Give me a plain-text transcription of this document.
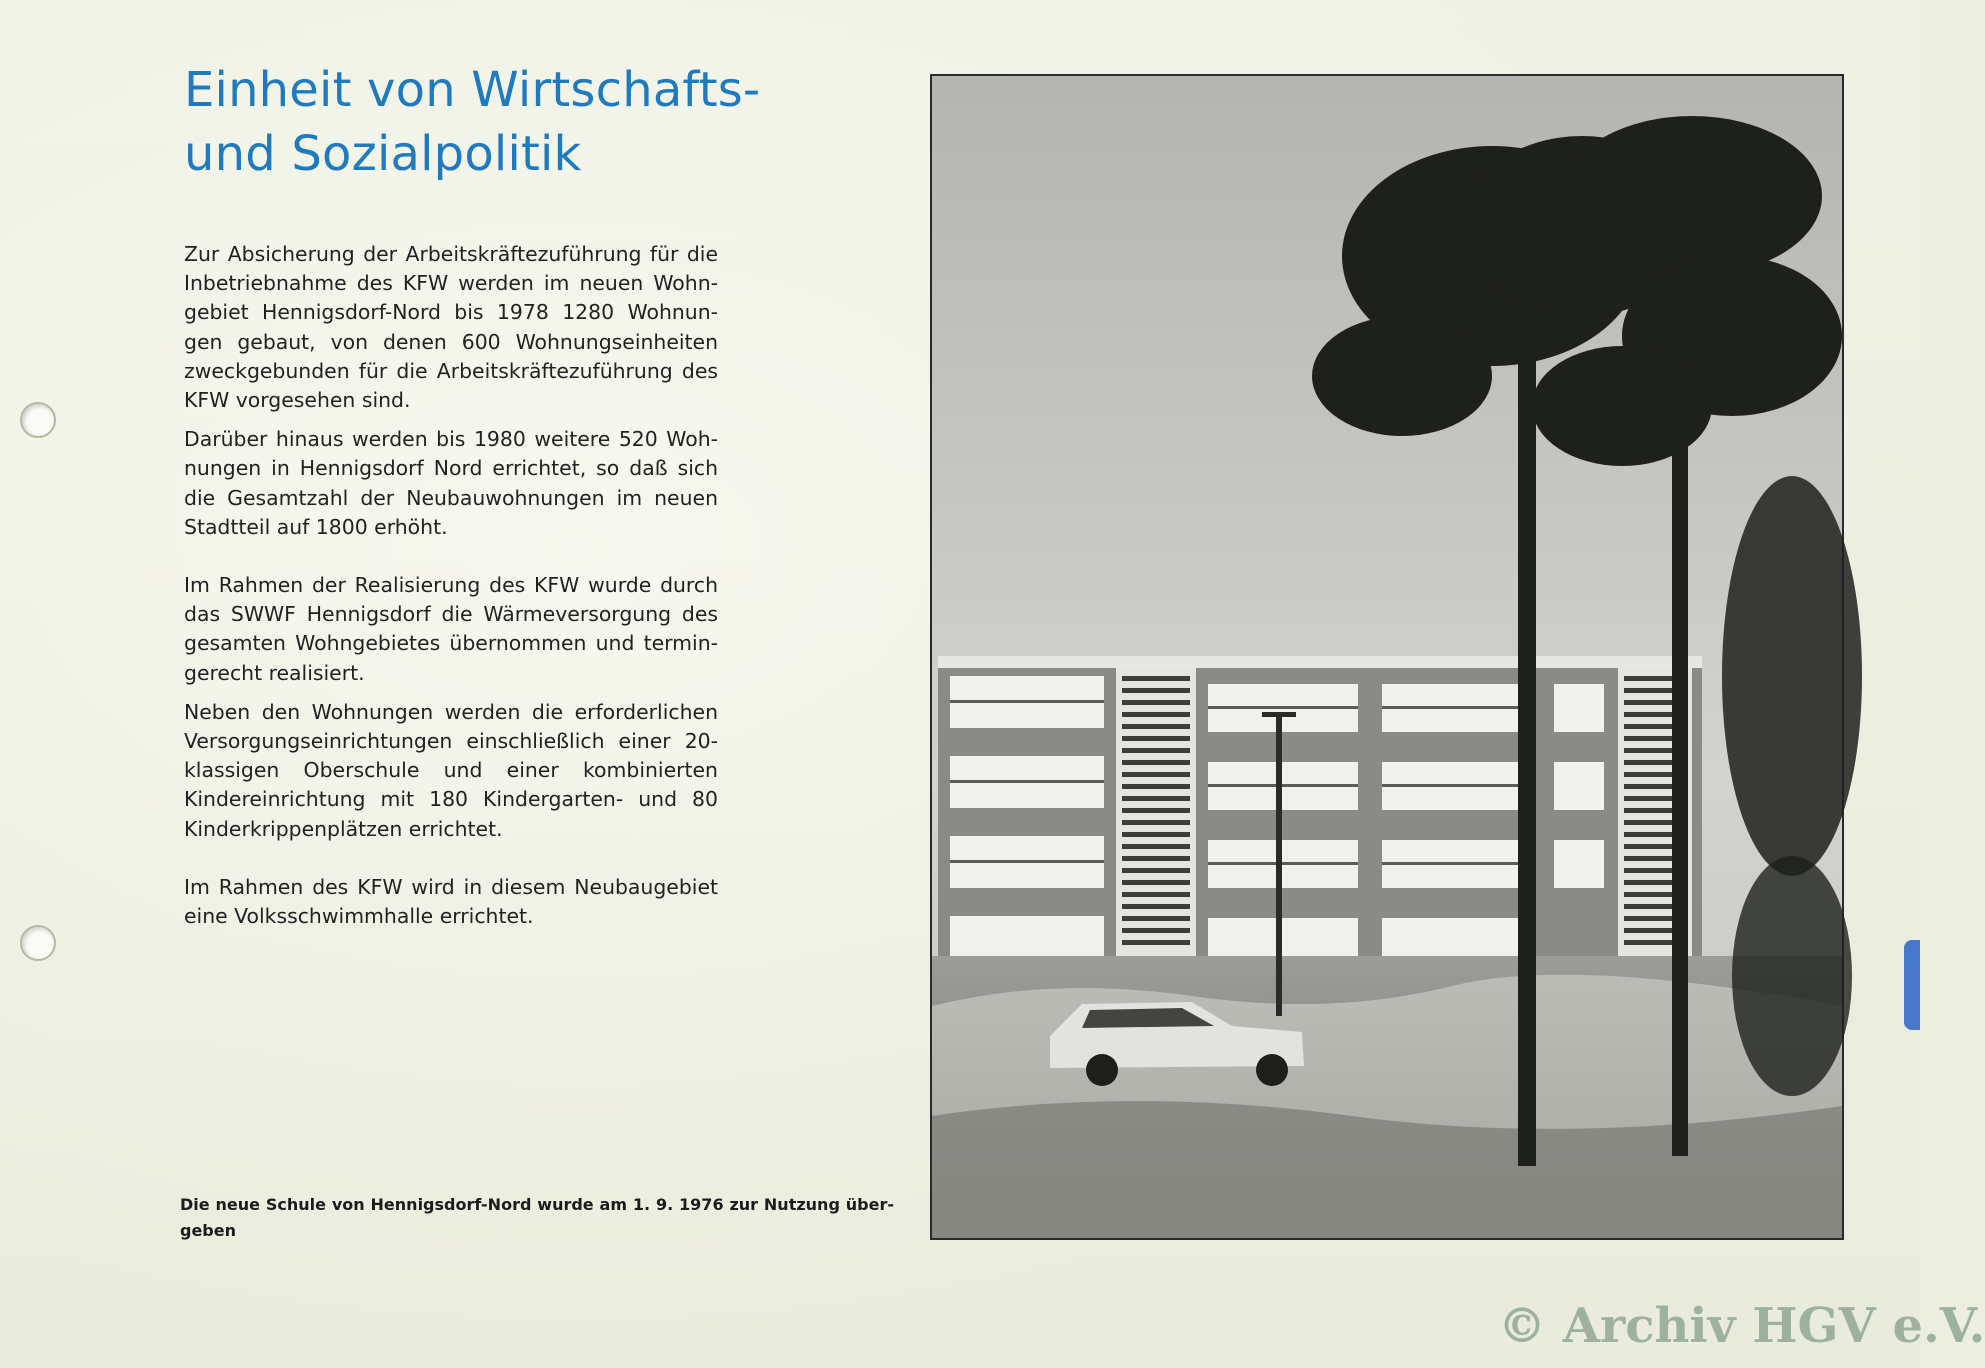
Einheit von Wirtschafts-
und Sozialpolitik

Zur Absicherung der Arbeitskräftezuführung für die
Inbetriebnahme des KFW werden im neuen Wohn-
gebiet Hennigsdorf-Nord bis 1978 1280 Wohnun-
gen gebaut, von denen 600 Wohnungseinheiten
zweckgebunden für die Arbeitskräftezuführung des
KFW vorgesehen sind.

Darüber hinaus werden bis 1980 weitere 520 Woh-
nungen in Hennigsdorf Nord errichtet, so daß sich
die Gesamtzahl der Neubauwohnungen im neuen
Stadtteil auf 1800 erhöht.

Im Rahmen der Realisierung des KFW wurde durch
das SWWF Hennigsdorf die Wärmeversorgung des
gesamten Wohngebietes übernommen und termin-
gerecht realisiert.

Neben den Wohnungen werden die erforderlichen
Versorgungseinrichtungen einschließlich einer 20-
klassigen Oberschule und einer kombinierten
Kindereinrichtung mit 180 Kindergarten- und 80
Kinderkrippenplätzen errichtet.

Im Rahmen des KFW wird in diesem Neubaugebiet
eine Volksschwimmhalle errichtet.

Die neue Schule von Hennigsdorf-Nord wurde am 1. 9. 1976 zur Nutzung über-
geben
© Archiv HGV e.V.
